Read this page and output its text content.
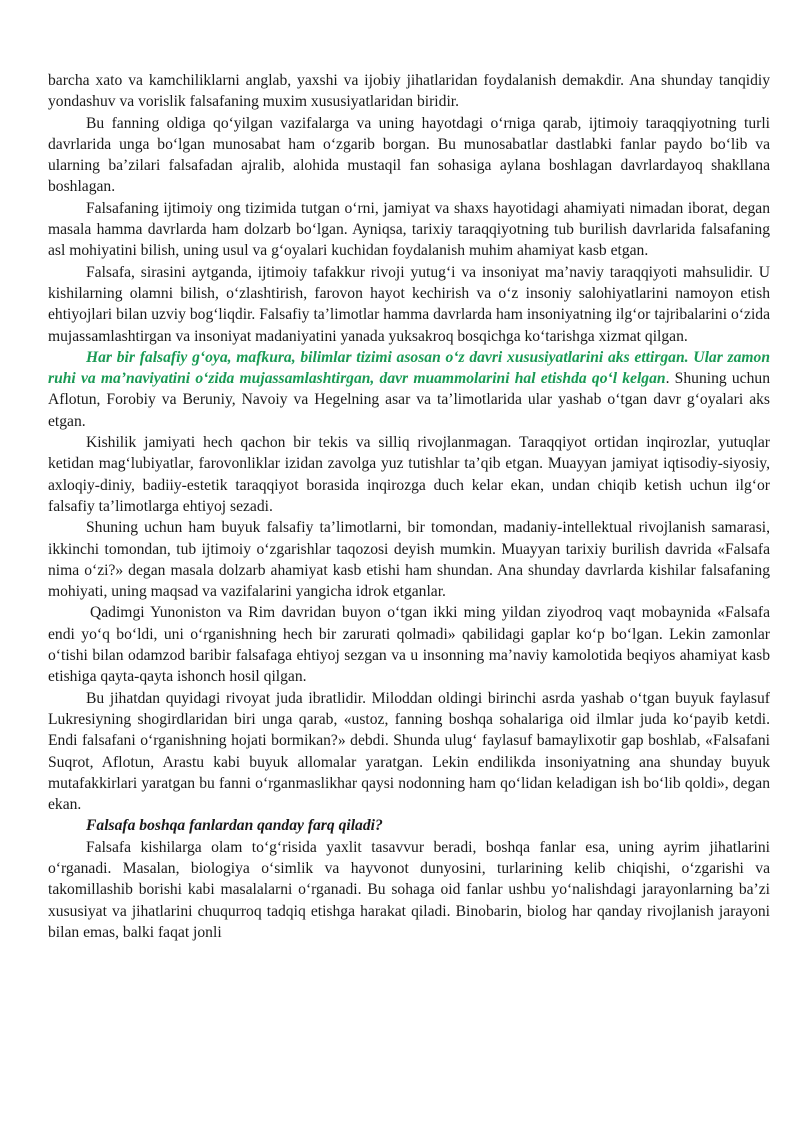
barcha xato va kamchiliklarni anglab, yaxshi va ijobiy jihatlaridan foydalanish demakdir. Ana shunday tanqidiy yondashuv va vorislik falsafaning muxim xususiyatlaridan biridir.

Bu fanning oldiga qo‘yilgan vazifalarga va uning hayotdagi o‘rniga qarab, ijtimoiy taraqqiyotning turli davrlarida unga bo‘lgan munosabat ham o‘zgarib borgan. Bu munosabatlar dastlabki fanlar paydo bo‘lib va ularning ba’zilari falsafadan ajralib, alohida mustaqil fan sohasiga aylana boshlagan davrlardayoq shakllana boshlagan.

Falsafaning ijtimoiy ong tizimida tutgan o‘rni, jamiyat va shaxs hayotidagi ahamiyati nimadan iborat, degan masala hamma davrlarda ham dolzarb bo‘lgan. Ayniqsa, tarixiy taraqqiyotning tub burilish davrlarida falsafaning asl mohiyatini bilish, uning usul va g‘oyalari kuchidan foydalanish muhim ahamiyat kasb etgan.

Falsafa, sirasini aytganda, ijtimoiy tafakkur rivoji yutug‘i va insoniyat ma’naviy taraqqiyoti mahsulidir. U kishilarning olamni bilish, o‘zlashtirish, farovon hayot kechirish va o‘z insoniy salohiyatlarini namoyon etish ehtiyojlari bilan uzviy bog‘liqdir. Falsafiy ta’limotlar hamma davrlarda ham insoniyatning ilg‘or tajribalarini o‘zida mujassamlashtirgan va insoniyat madaniyatini yanada yuksakroq bosqichga ko‘tarishga xizmat qilgan.

Har bir falsafiy g‘oya, mafkura, bilimlar tizimi asosan o‘z davri xususiyatlarini aks ettirgan. Ular zamon ruhi va ma’naviyatini o‘zida mujassamlashtirgan, davr muammolarini hal etishda qo‘l kelgan. Shuning uchun Aflotun, Forobiy va Beruniy, Navoiy va Hegelning asar va ta’limotlarida ular yashab o‘tgan davr g‘oyalari aks etgan.

Kishilik jamiyati hech qachon bir tekis va silliq rivojlanmagan. Taraqqiyot ortidan inqirozlar, yutuqlar ketidan mag‘lubiyatlar, farovonliklar izidan zavolga yuz tutishlar ta’qib etgan. Muayyan jamiyat iqtisodiy-siyosiy, axloqiy-diniy, badiiy-estetik taraqqiyot borasida inqirozga duch kelar ekan, undan chiqib ketish uchun ilg‘or falsafiy ta’limotlarga ehtiyoj sezadi.

Shuning uchun ham buyuk falsafiy ta’limotlarni, bir tomondan, madaniy-intellektual rivojlanish samarasi, ikkinchi tomondan, tub ijtimoiy o‘zgarishlar taqozosi deyish mumkin. Muayyan tarixiy burilish davrida «Falsafa nima o‘zi?» degan masala dolzarb ahamiyat kasb etishi ham shundan. Ana shunday davrlarda kishilar falsafaning mohiyati, uning maqsad va vazifalarini yangicha idrok etganlar.

Qadimgi Yunoniston va Rim davridan buyon o‘tgan ikki ming yildan ziyodroq vaqt mobaynida «Falsafa endi yo‘q bo‘ldi, uni o‘rganishning hech bir zarurati qolmadi» qabilidagi gaplar ko‘p bo‘lgan. Lekin zamonlar o‘tishi bilan odamzod baribir falsafaga ehtiyoj sezgan va u insonning ma’naviy kamolotida beqiyos ahamiyat kasb etishiga qayta-qayta ishonch hosil qilgan.

Bu jihatdan quyidagi rivoyat juda ibratlidir. Miloddan oldingi birinchi asrda yashab o‘tgan buyuk faylasuf Lukresiyning shogirdlaridan biri unga qarab, «ustoz, fanning boshqa sohalariga oid ilmlar juda ko‘payib ketdi. Endi falsafani o‘rganishning hojati bormikan?» debdi. Shunda ulug‘ faylasuf bamaylixotir gap boshlab, «Falsafani Suqrot, Aflotun, Arastu kabi buyuk allomalar yaratgan. Lekin endilikda insoniyatning ana shunday buyuk mutafakkirlari yaratgan bu fanni o‘rganmaslikhar qaysi nodonning ham qo‘lidan keladigan ish bo‘lib qoldi», degan ekan.

Falsafa boshqa fanlardan qanday farq qiladi?

Falsafa kishilarga olam to‘g‘risida yaxlit tasavvur beradi, boshqa fanlar esa, uning ayrim jihatlarini o‘rganadi. Masalan, biologiya o‘simlik va hayvonot dunyosini, turlarining kelib chiqishi, o‘zgarishi va takomillashib borishi kabi masalalarni o‘rganadi. Bu sohaga oid fanlar ushbu yo‘nalishdagi jarayonlarning ba’zi xususiyat va jihatlarini chuqurroq tadqiq etishga harakat qiladi. Binobarin, biolog har qanday rivojlanish jarayoni bilan emas, balki faqat jonli
